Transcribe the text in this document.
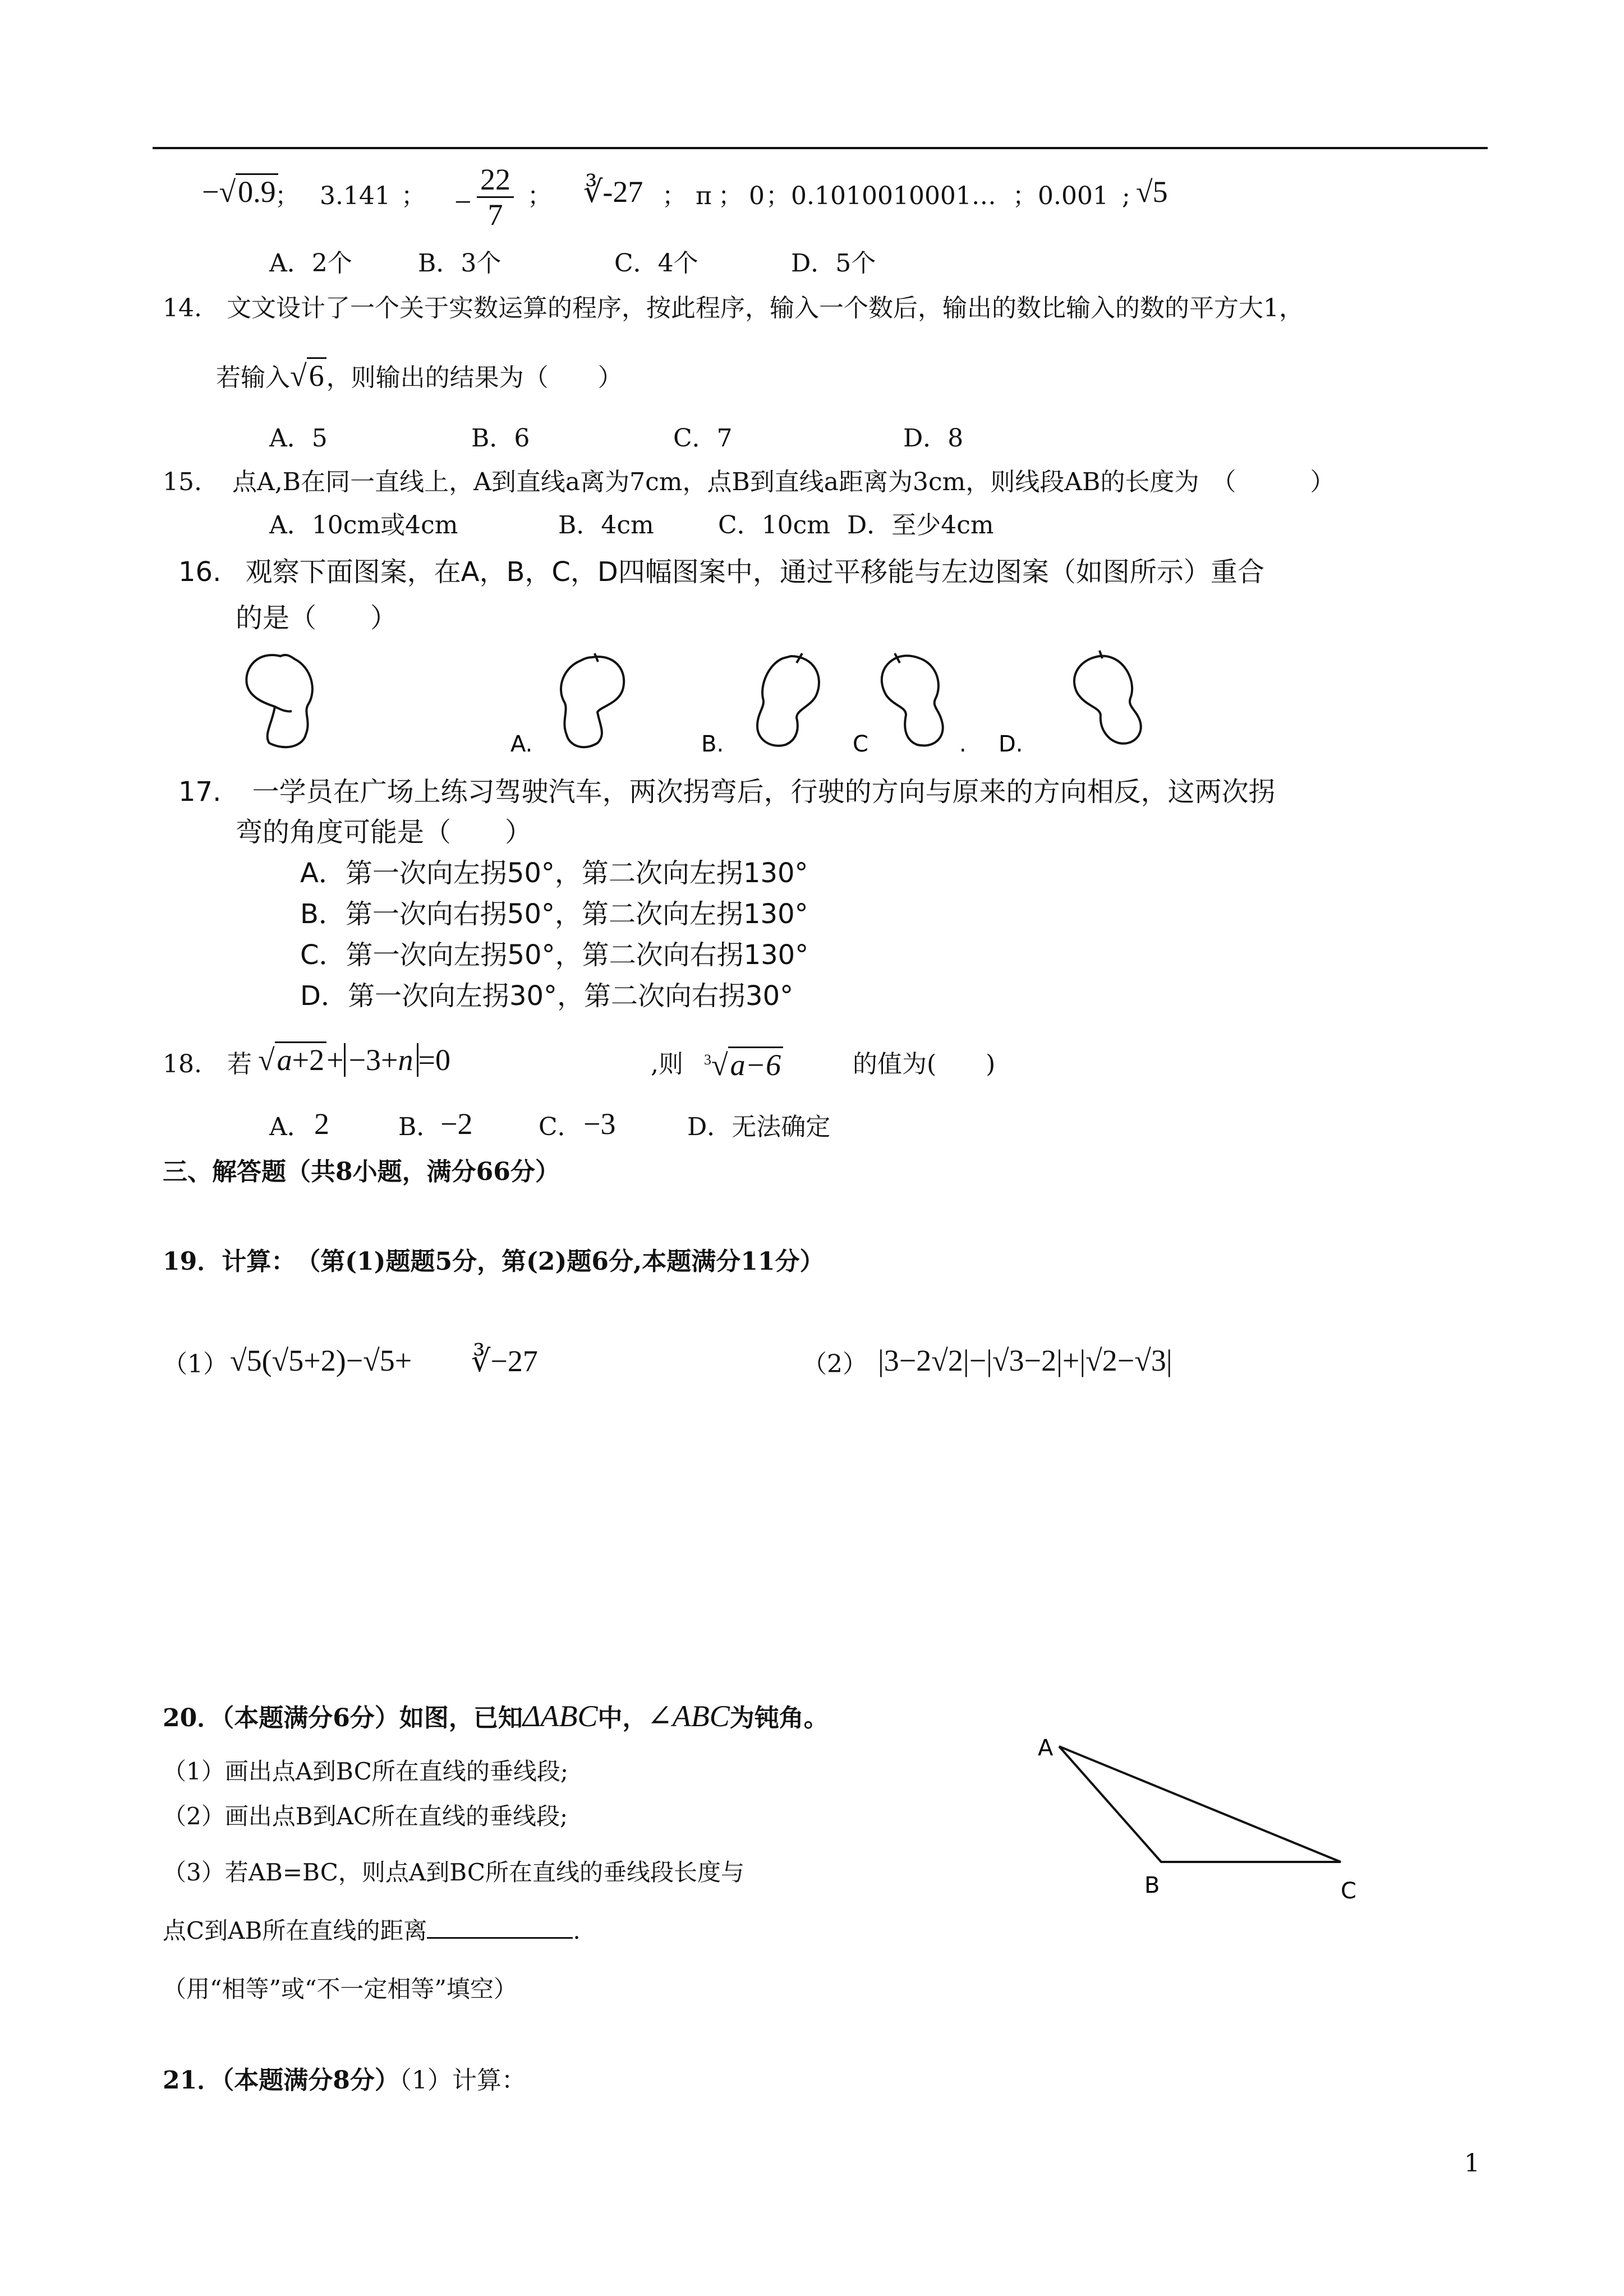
−√0.9
； 3.141 ； − $\frac{22}{7}$ ； ∛-27 ； π ； 0 ； 0.1010010001… ； 0.001 ; √5
A．2个	B．3个	C．4个	D．5个
14. 文文设计了一个关于实数运算的程序，按此程序，输入一个数后，输出的数比输入的数的平方大1，
若输入√6，则输出的结果为（　　）
A．5	B．6	C．7	D．8
15. 点A,B在同一直线上，A到直线a离为7cm，点B到直线a距离为3cm，则线段AB的长度为　（　　　）
A．10cm或4cm	B．4cm	C．10cm D．至少4cm
16. 观察下面图案，在A，B，C，D四幅图案中，通过平移能与左边图案（如图所示）重合
的是（　　）
A.	B.	C	. D.
17. 一学员在广场上练习驾驶汽车，两次拐弯后，行驶的方向与原来的方向相反，这两次拐
弯的角度可能是（　　）
A．第一次向左拐50°，第二次向左拐130°
B．第一次向右拐50°，第二次向左拐130°
C．第一次向左拐50°，第二次向右拐130°
D．第一次向左拐30°，第二次向右拐30°
18. 若 √a+2+ −3+n =0	,则 $^3$√a−6	的值为(　　)
A． 2	B．
−2	C． −3	D．无法确定
三、解答题（共8小题，满分66分）
19．计算：　（第(1)题题5分，第(2)题6分,本题满分11分）
（1） √5(√5+2)−√5+ ∛−27	（2） |3−2√2|−|√3−2|+|√2−√3|
20．（本题满分6分）如图，已知ΔABC中，∠ABC为钝角。
（1）画出点A到BC所在直线的垂线段;
（2）画出点B到AC所在直线的垂线段;
（3）若AB=BC，则点A到BC所在直线的垂线段长度与
点C到AB所在直线的距离	.
（用“相等”或“不一定相等”填空）
A
B	C
21．（本题满分8分）（1）计算：
1
